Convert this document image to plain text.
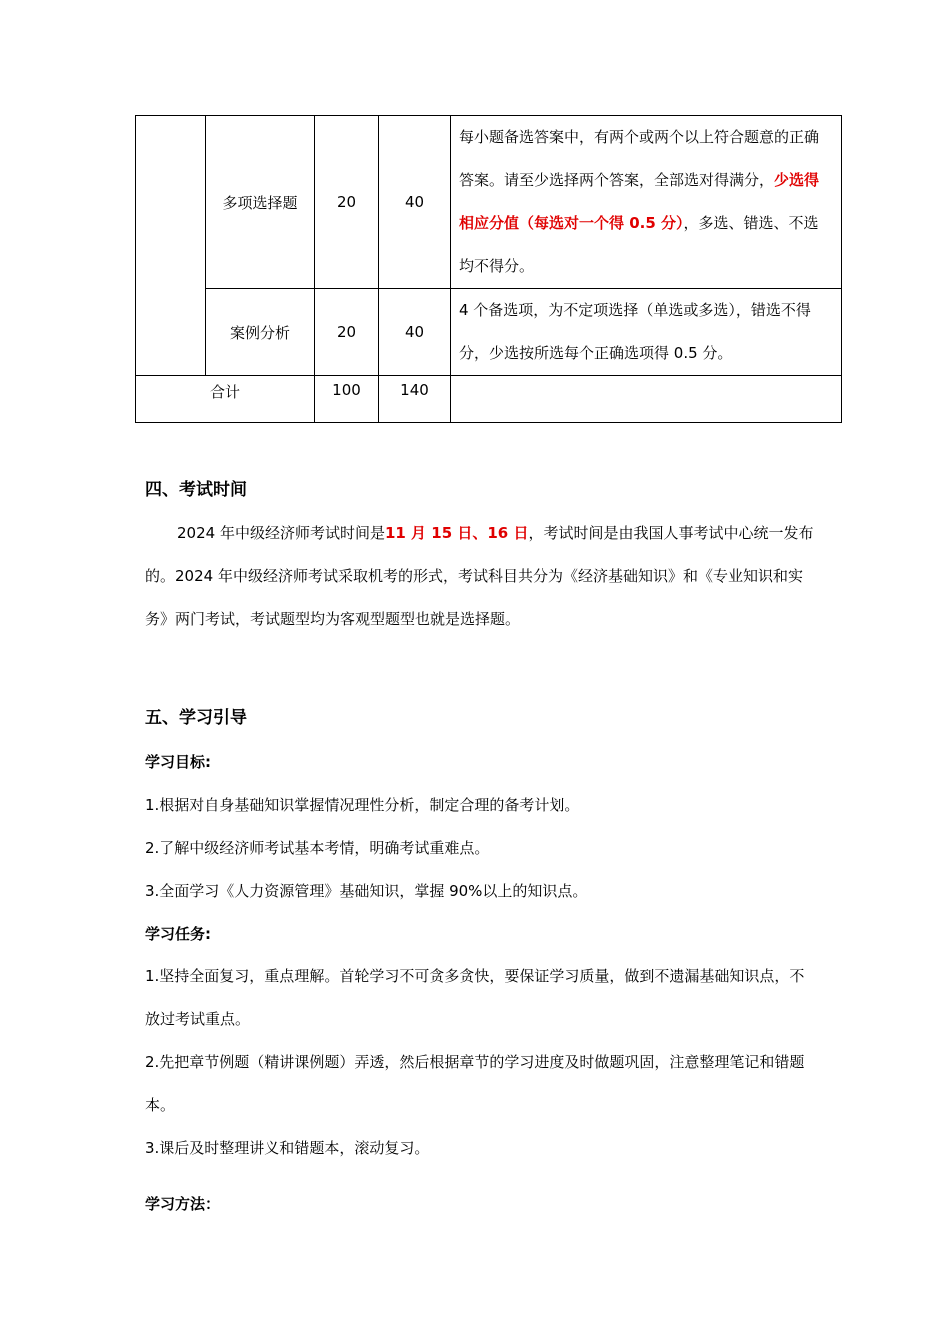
	多项选择题	20	40	每小题备选答案中，有两个或两个以上符合题意的正确答案。请至少选择两个答案，全部选对得满分，少选得相应分值（每选对一个得 0.5 分），多选、错选、不选均不得分。
	案例分析	20	40	4 个备选项，为不定项选择（单选或多选），错选不得分，少选按所选每个正确选项得 0.5 分。
合计		100	140	
四、考试时间

2024 年中级经济师考试时间是11 月 15 日、16 日，考试时间是由我国人事考试中心统一发布的。2024 年中级经济师考试采取机考的形式，考试科目共分为《经济基础知识》和《专业知识和实务》两门考试，考试题型均为客观型题型也就是选择题。

五、学习引导

学习目标:

1.根据对自身基础知识掌握情况理性分析，制定合理的备考计划。

2.了解中级经济师考试基本考情，明确考试重难点。

3.全面学习《人力资源管理》基础知识，掌握 90%以上的知识点。

学习任务:

1.坚持全面复习，重点理解。首轮学习不可贪多贪快，要保证学习质量，做到不遗漏基础知识点，不放过考试重点。

2.先把章节例题（精讲课例题）弄透，然后根据章节的学习进度及时做题巩固，注意整理笔记和错题本。

3.课后及时整理讲义和错题本，滚动复习。

学习方法：
